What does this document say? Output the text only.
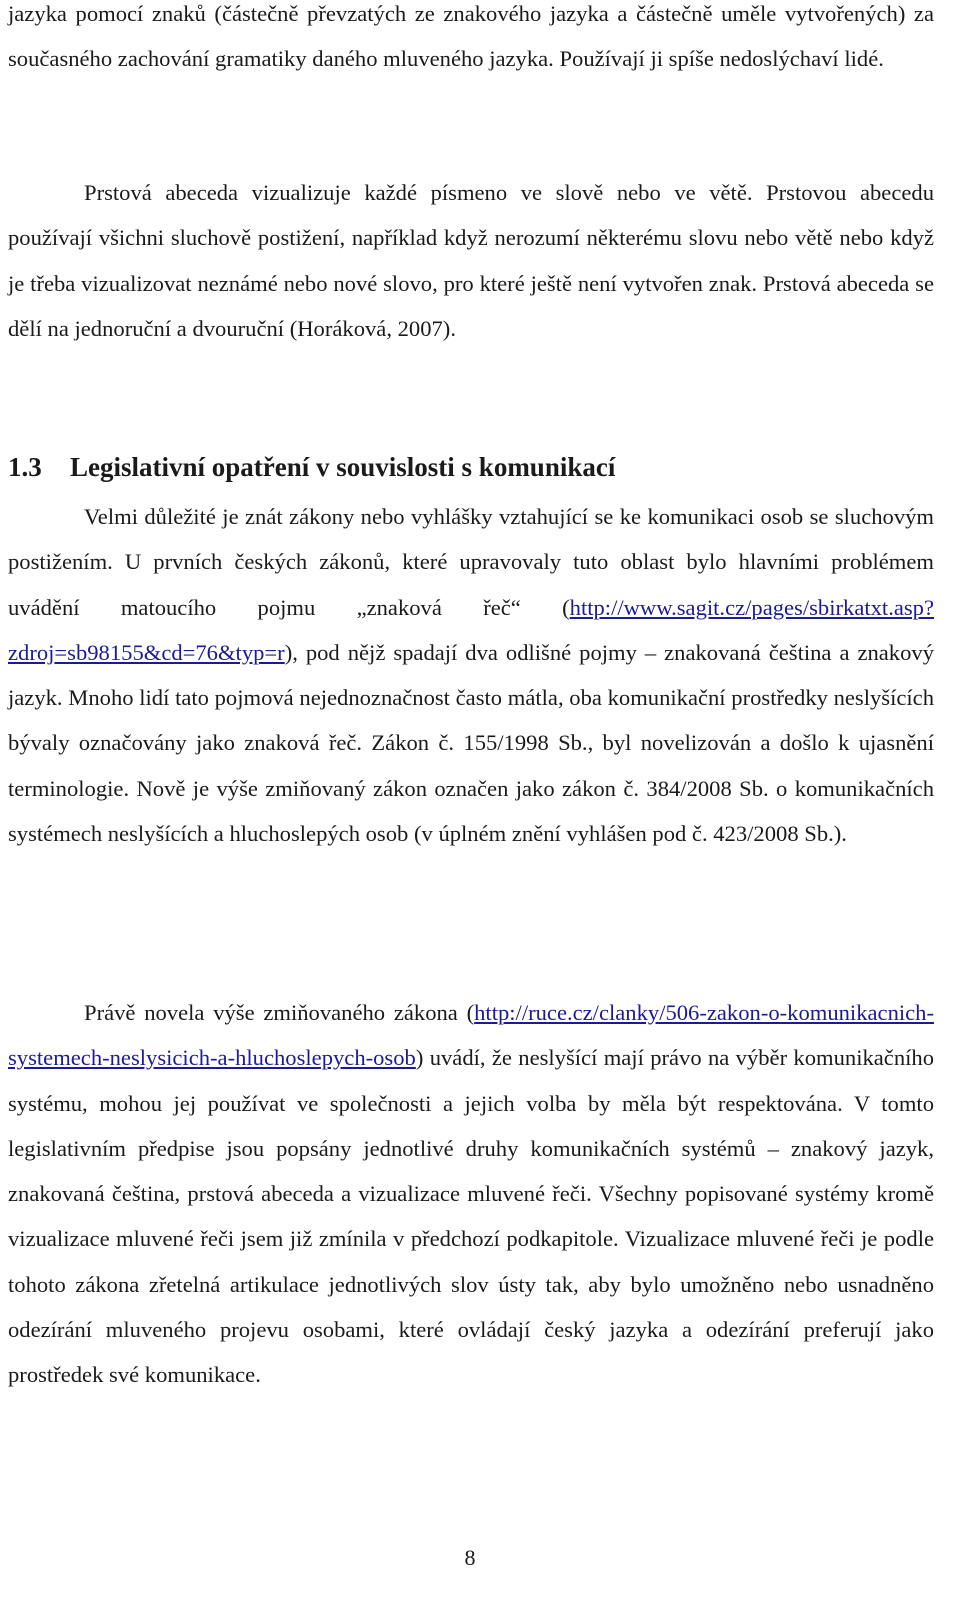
jazyka pomocí znaků (částečně převzatých ze znakového jazyka a částečně uměle vytvořených) za současného zachování gramatiky daného mluveného jazyka. Používají ji spíše nedoslýchaví lidé.

Prstová abeceda vizualizuje každé písmeno ve slově nebo ve větě. Prstovou abecedu používají všichni sluchově postižení, například když nerozumí některému slovu nebo větě nebo když je třeba vizualizovat neznámé nebo nové slovo, pro které ještě není vytvořen znak. Prstová abeceda se dělí na jednoruční a dvouruční (Horáková, 2007).

1.3 Legislativní opatření v souvislosti s komunikací

Velmi důležité je znát zákony nebo vyhlášky vztahující se ke komunikaci osob se sluchovým postižením. U prvních českých zákonů, které upravovaly tuto oblast bylo hlavními problémem uvádění matoucího pojmu „znaková řeč“ (http://www.sagit.cz/pages/sbirkatxt.asp?zdroj=sb98155&cd=76&typ=r), pod nějž spadají dva odlišné pojmy – znakovaná čeština a znakový jazyk. Mnoho lidí tato pojmová nejednoznačnost často mátla, oba komunikační prostředky neslyšících bývaly označovány jako znaková řeč. Zákon č. 155/1998 Sb., byl novelizován a došlo k ujasnění terminologie. Nově je výše zmiňovaný zákon označen jako zákon č. 384/2008 Sb. o komunikačních systémech neslyšících a hluchoslepých osob (v úplném znění vyhlášen pod č. 423/2008 Sb.).

Právě novela výše zmiňovaného zákona (http://ruce.cz/clanky/506-zakon-o-komunikacnich-systemech-neslysicich-a-hluchoslepych-osob) uvádí, že neslyšící mají právo na výběr komunikačního systému, mohou jej používat ve společnosti a jejich volba by měla být respektována. V tomto legislativním předpise jsou popsány jednotlivé druhy komunikačních systémů – znakový jazyk, znakovaná čeština, prstová abeceda a vizualizace mluvené řeči. Všechny popisované systémy kromě vizualizace mluvené řeči jsem již zmínila v předchozí podkapitole. Vizualizace mluvené řeči je podle tohoto zákona zřetelná artikulace jednotlivých slov ústy tak, aby bylo umožněno nebo usnadněno odezírání mluveného projevu osobami, které ovládají český jazyka a odezírání preferují jako prostředek své komunikace.

8
